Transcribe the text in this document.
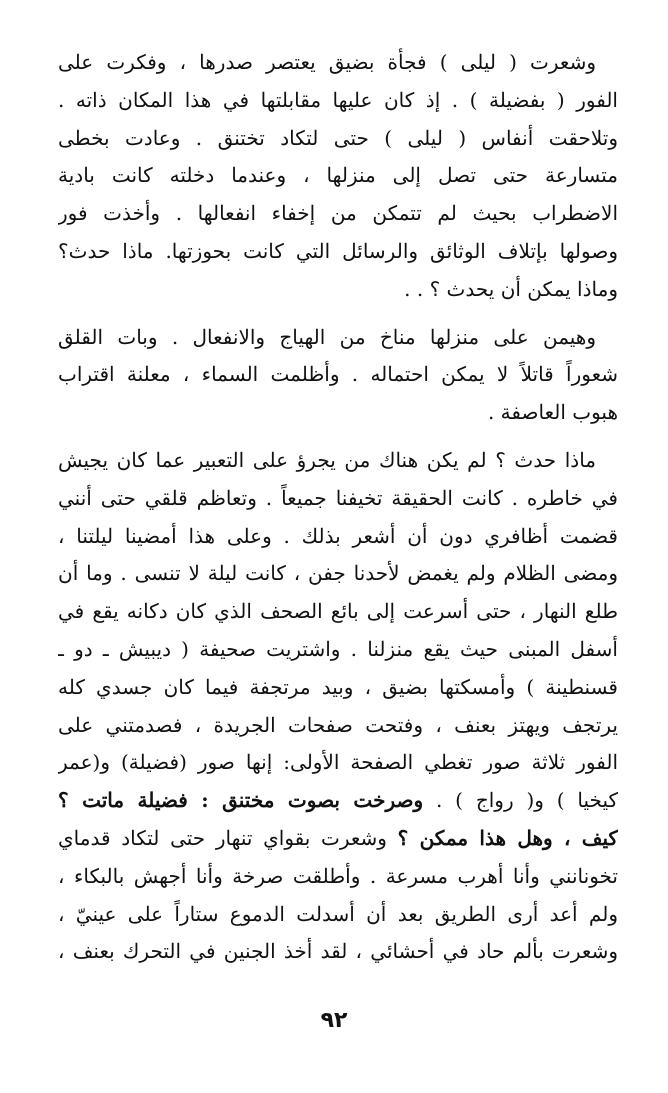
وشعرت ( ليلى ) فجأة بضيق يعتصر صدرها ، وفكرت على
الفور ( بفضيلة ) . إذ كان عليها مقابلتها في هذا المكان ذاته .
وتلاحقت أنفاس ( ليلى ) حتى لتكاد تختنق . وعادت بخطى
متسارعة حتى تصل إلى منزلها ، وعندما دخلته كانت بادية
الاضطراب بحيث لم تتمكن من إخفاء انفعالها . وأخذت فور
وصولها بإتلاف الوثائق والرسائل التي كانت بحوزتها. ماذا حدث؟
وماذا يمكن أن يحدث ؟ . .
وهيمن على منزلها مناخ من الهياج والانفعال . وبات القلق
شعوراً قاتلاً لا يمكن احتماله . وأظلمت السماء ، معلنة اقتراب
هبوب العاصفة .
ماذا حدث ؟ لم يكن هناك من يجرؤ على التعبير عما كان يجيش
في خاطره . كانت الحقيقة تخيفنا جميعاً . وتعاظم قلقي حتى أنني
قضمت أظافري دون أن أشعر بذلك . وعلى هذا أمضينا ليلتنا ،
ومضى الظلام ولم يغمض لأحدنا جفن ، كانت ليلة لا تنسى . وما أن
طلع النهار ، حتى أسرعت إلى بائع الصحف الذي كان دكانه يقع في
أسفل المبنى حيث يقع منزلنا . واشتريت صحيفة ( ديبيش ـ دو ـ
قسنطينة ) وأمسكتها بضيق ، وبيد مرتجفة فيما كان جسدي كله
يرتجف ويهتز بعنف ، وفتحت صفحات الجريدة ، فصدمتني على
الفور ثلاثة صور تغطي الصفحة الأولى: إنها صور (فضيلة) و(عمر
كيخيا ) و( رواج ) . وصرخت بصوت مختنق : فضيلة ماتت ؟
كيف ، وهل هذا ممكن ؟ وشعرت بقواي تنهار حتى لتكاد قدماي
تخونانني وأنا أهرب مسرعة . وأطلقت صرخة وأنا أجهش بالبكاء ،
ولم أعد أرى الطريق بعد أن أسدلت الدموع ستاراً على عينيّ ،
وشعرت بألم حاد في أحشائي ، لقد أخذ الجنين في التحرك بعنف ،
٩٢
